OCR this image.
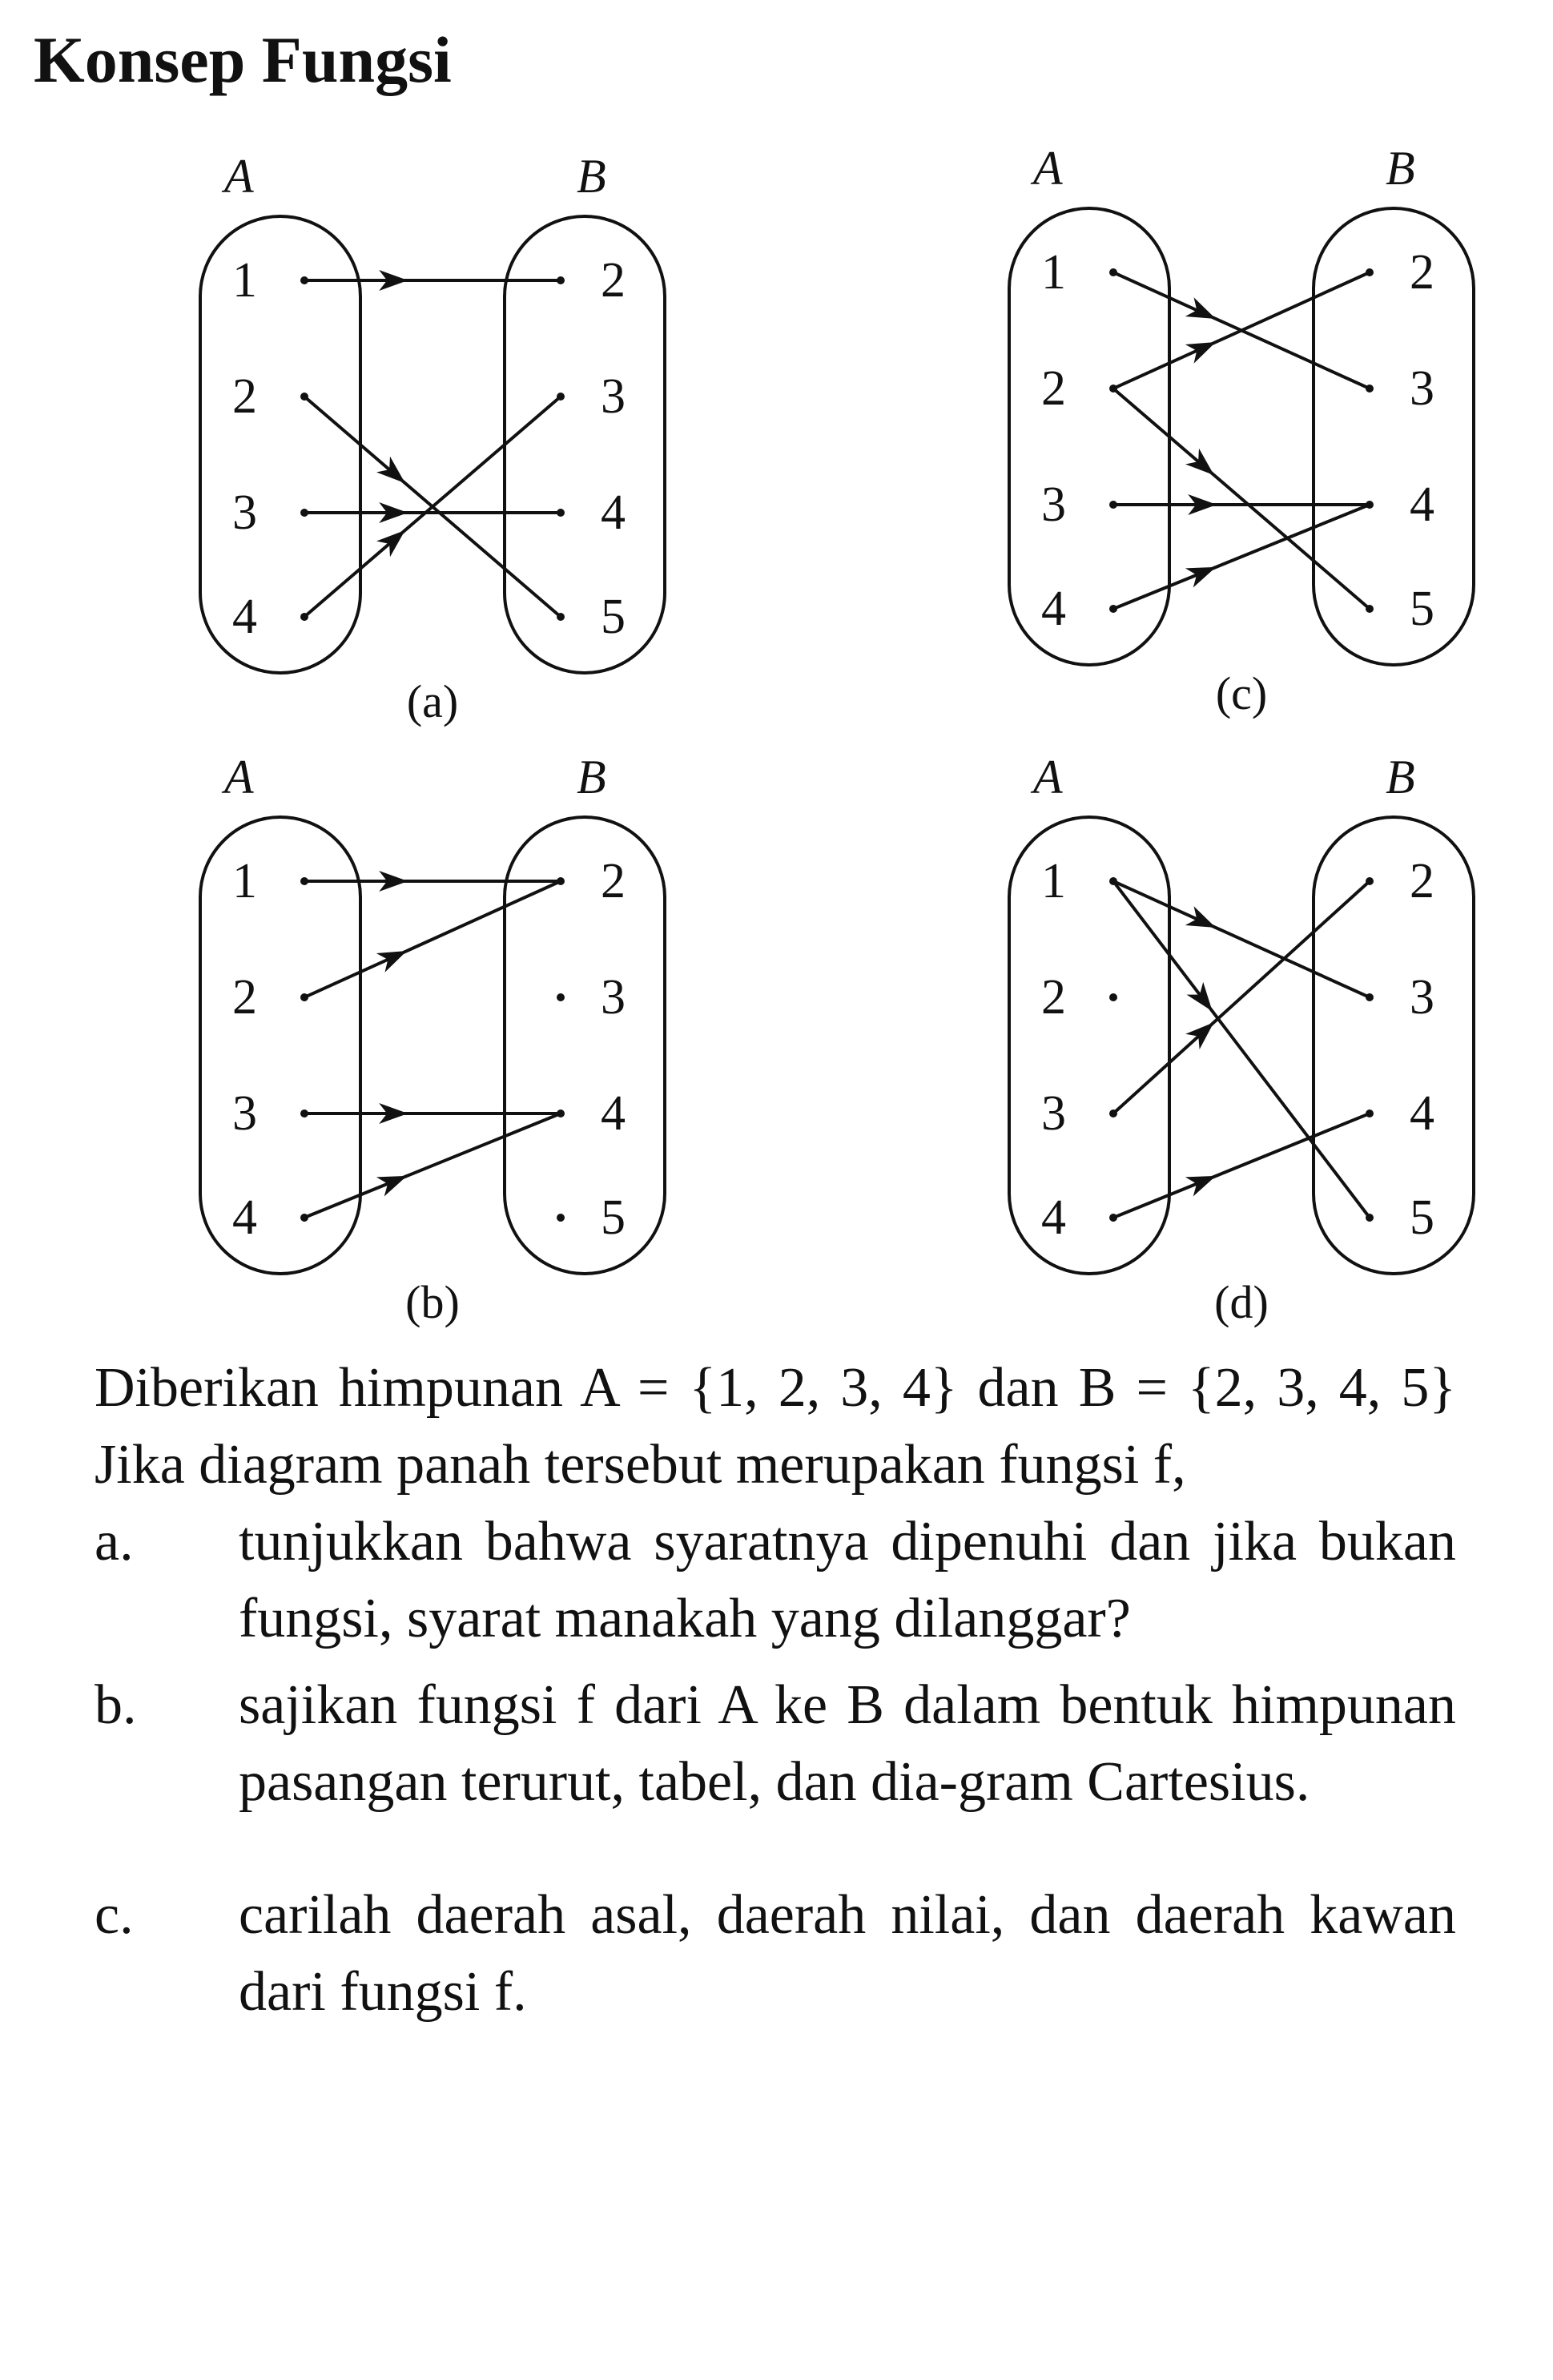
Konsep Fungsi
A	B
1
2
3
4
2
3
4
5
(a)
A	B
1
2
3
4
2
3
4
5
(c)
A	B
1
2
3
4
2
3
4
5
(b)
A	B
1
2
3
4
2
3
4
5
(d)

Diberikan himpunan A = {1, 2, 3, 4} dan B = {2, 3, 4, 5} Jika diagram panah tersebut merupakan fungsi f,

a.	tunjukkan bahwa syaratnya dipenuhi dan jika bukan fungsi, syarat manakah yang dilanggar?
b.	sajikan fungsi f dari A ke B dalam bentuk himpunan pasangan terurut, tabel, dan dia-gram Cartesius.
c.	carilah daerah asal, daerah nilai, dan daerah kawan dari fungsi f.
